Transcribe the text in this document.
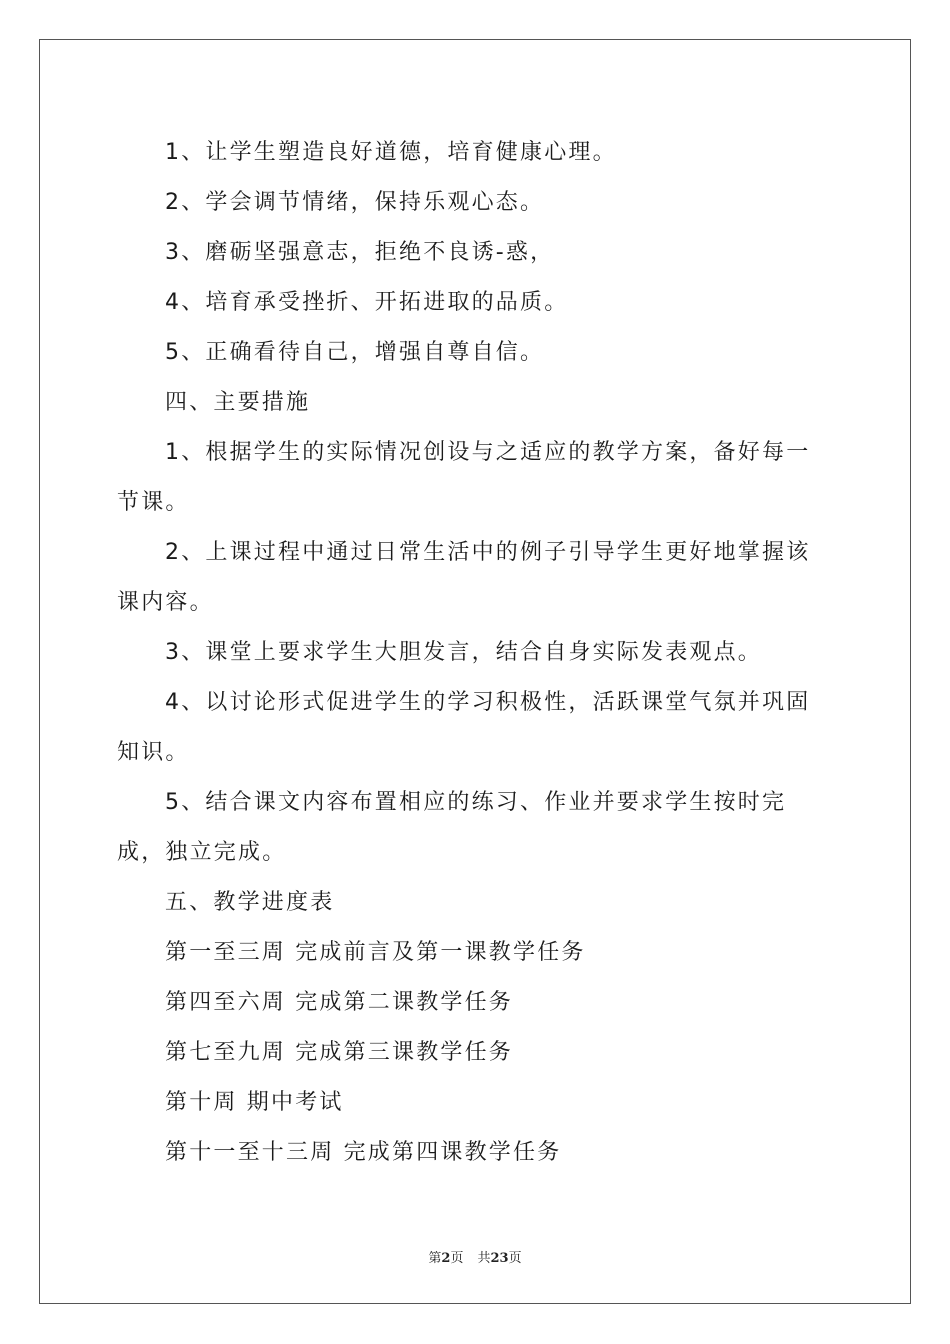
1、让学生塑造良好道德，培育健康心理。

2、学会调节情绪，保持乐观心态。

3、磨砺坚强意志，拒绝不良诱-惑，

4、培育承受挫折、开拓进取的品质。

5、正确看待自己，增强自尊自信。

四、主要措施

1、根据学生的实际情况创设与之适应的教学方案，备好每一节课。

2、上课过程中通过日常生活中的例子引导学生更好地掌握该课内容。

3、课堂上要求学生大胆发言，结合自身实际发表观点。

4、以讨论形式促进学生的学习积极性，活跃课堂气氛并巩固知识。

5、结合课文内容布置相应的练习、作业并要求学生按时完成，独立完成。

五、教学进度表

第一至三周 完成前言及第一课教学任务

第四至六周 完成第二课教学任务

第七至九周 完成第三课教学任务

第十周 期中考试

第十一至十三周 完成第四课教学任务

第2页 共23页
